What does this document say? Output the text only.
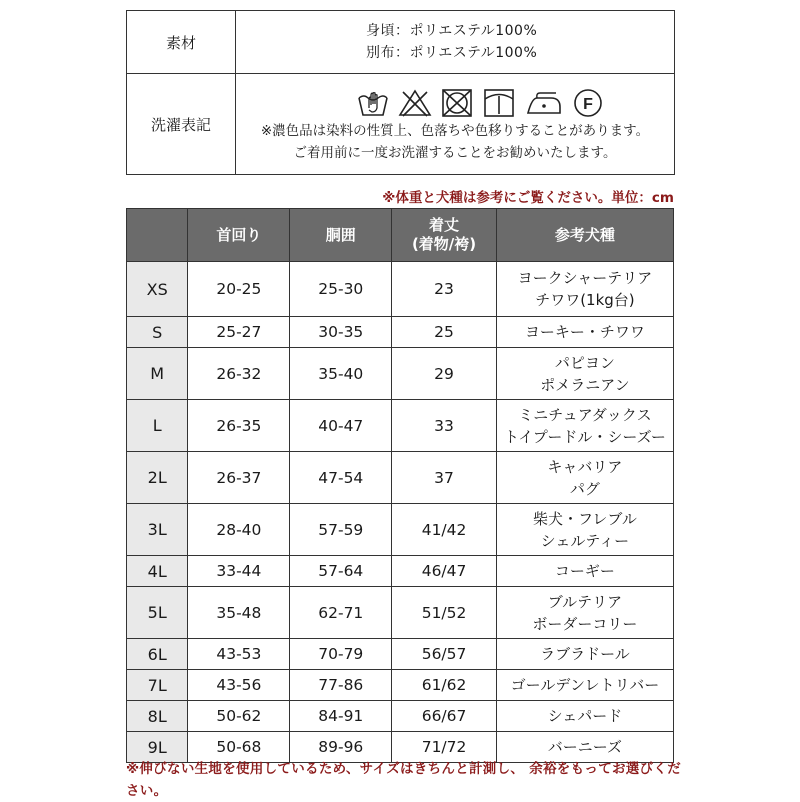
素材	身頃：ポリエステル100%
別布：ポリエステル100%

洗濯表記	F
※濃色品は染料の性質上、色落ちや色移りすることがあります。
ご着用前に一度お洗濯することをお勧めいたします。
※体重と犬種は参考にご覧ください。単位：cm
	首回り	胴囲	着丈
(着物/袴)	参考犬種
XS	20-25	25-30	23	ヨークシャーテリア
チワワ(1kg台)

S	25-27	30-35	25	ヨーキー・チワワ

M	26-32	35-40	29	パピヨン
ポメラニアン

L	26-35	40-47	33	ミニチュアダックス
トイプードル・シーズー

2L	26-37	47-54	37	キャバリア
パグ

3L	28-40	57-59	41/42	柴犬・フレブル
シェルティー

4L	33-44	57-64	46/47	コーギー

5L	35-48	62-71	51/52	ブルテリア
ボーダーコリー

6L	43-53	70-79	56/57	ラブラドール

7L	43-56	77-86	61/62	ゴールデンレトリバー

8L	50-62	84-91	66/67	シェパード

9L	50-68	89-96	71/72	バーニーズ
※伸びない生地を使用しているため、サイズはきちんと計測し、 余裕をもってお選びください。
